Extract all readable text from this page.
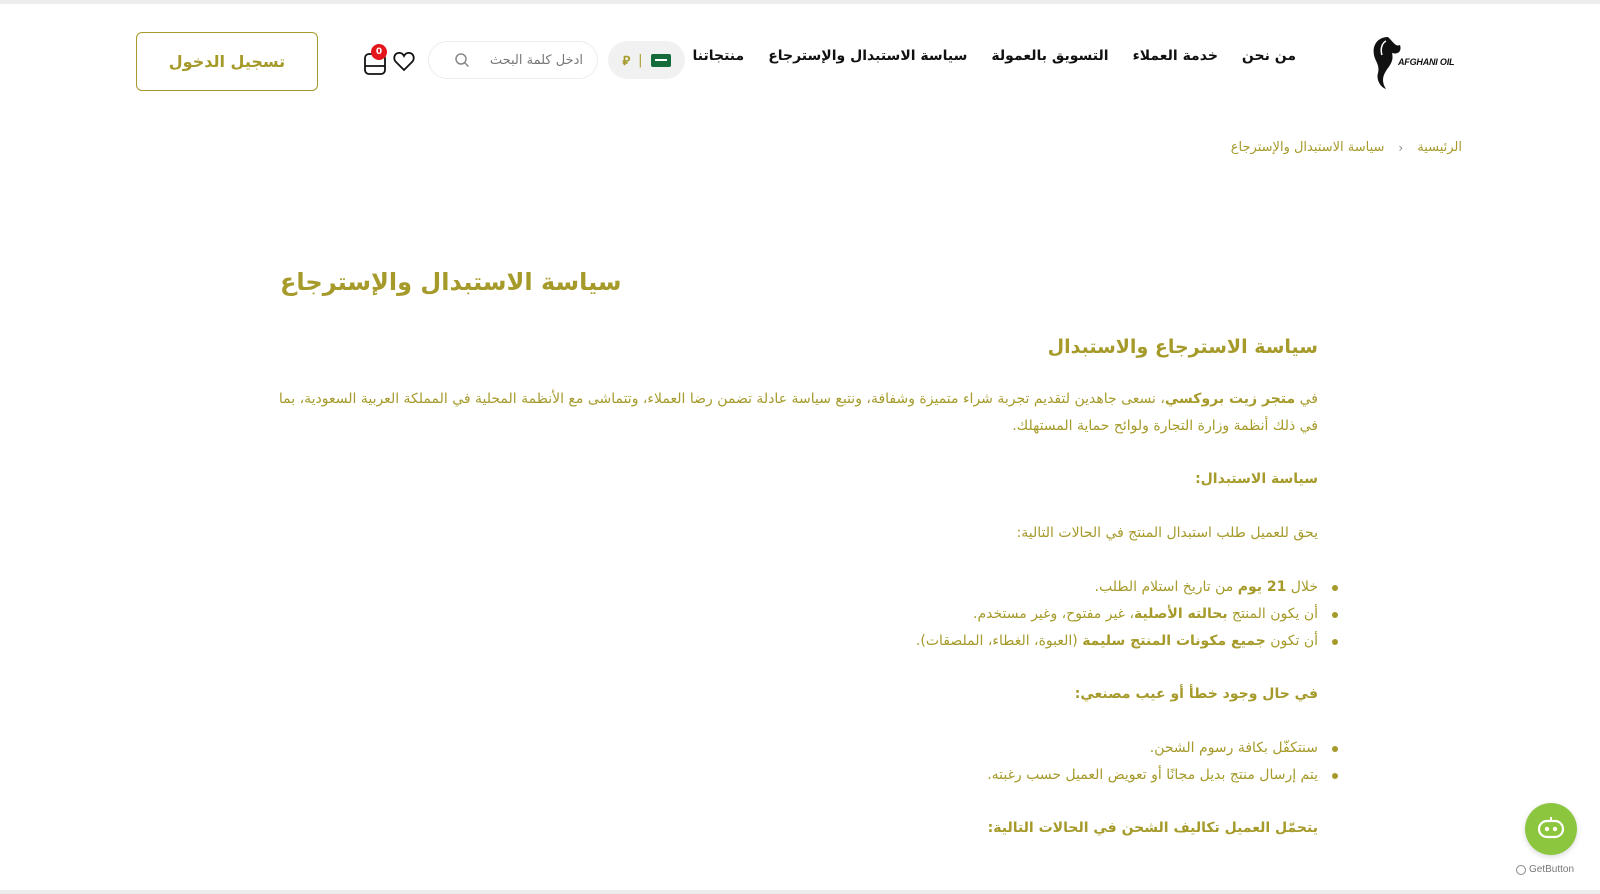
AFGHANI OIL
منتجاتنا سياسة الاستبدال والإسترجاع التسويق بالعمولة خدمة العملاء من نحن
⃁ |
ادخل كلمة البحث
0
تسجيل الدخول
الرئيسية
‹
سياسة الاستبدال والإسترجاع
سياسة الاستبدال والإسترجاع
سياسة الاسترجاع والاستبدال

في متجر زيت بروكسي، نسعى جاهدين لتقديم تجربة شراء متميزة وشفافة، ونتبع سياسة عادلة تضمن رضا العملاء، وتتماشى مع الأنظمة المحلية في المملكة العربية السعودية، بما في ذلك أنظمة وزارة التجارة ولوائح حماية المستهلك.

سياسة الاستبدال:

يحق للعميل طلب استبدال المنتج في الحالات التالية:

خلال 21 يوم من تاريخ استلام الطلب.
أن يكون المنتج بحالته الأصلية، غير مفتوح، وغير مستخدم.
أن تكون جميع مكونات المنتج سليمة (العبوة، الغطاء، الملصقات).
في حال وجود خطأ أو عيب مصنعي:
سنتكفّل بكافة رسوم الشحن.
يتم إرسال منتج بديل مجانًا أو تعويض العميل حسب رغبته.
يتحمّل العميل تكاليف الشحن في الحالات التالية:
GetButton
